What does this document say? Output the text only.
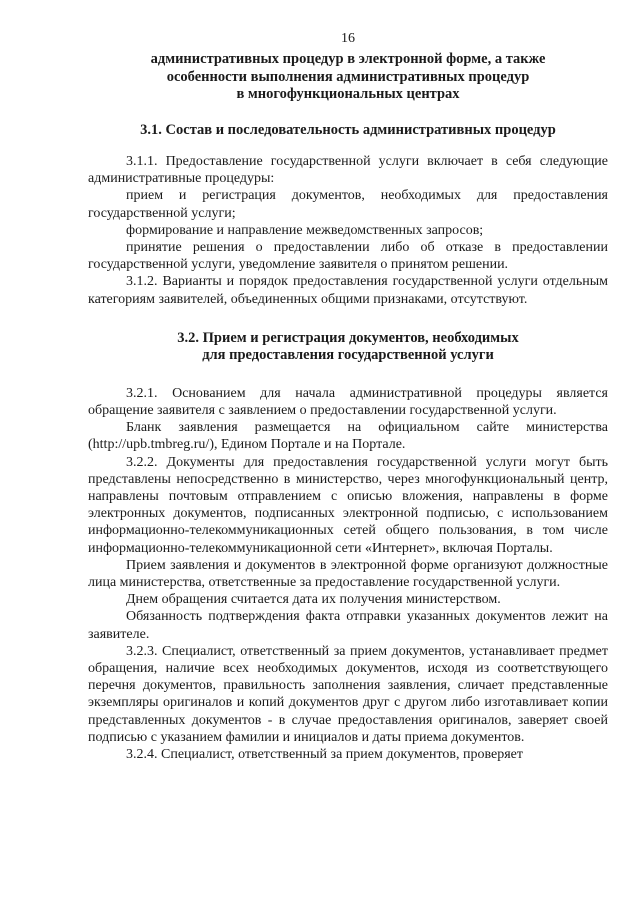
16

административных процедур в электронной форме, а также

особенности выполнения административных процедур

в многофункциональных центрах

3.1. Состав и последовательность административных процедур

3.1.1. Предоставление государственной услуги включает в себя следующие административные процедуры:

прием и регистрация документов, необходимых для предоставления государственной услуги;

формирование и направление межведомственных запросов;

принятие решения о предоставлении либо об отказе в предоставлении государственной услуги, уведомление заявителя о принятом решении.

3.1.2. Варианты и порядок предоставления государственной услуги отдельным категориям заявителей, объединенных общими признаками, отсутствуют.

3.2. Прием и регистрация документов, необходимых
для предоставления государственной услуги

3.2.1. Основанием для начала административной процедуры является обращение заявителя с заявлением о предоставлении государственной услуги.

Бланк заявления размещается на официальном сайте министерства (http://upb.tmbreg.ru/), Едином Портале и на Портале.

3.2.2. Документы для предоставления государственной услуги могут быть представлены непосредственно в министерство, через многофункциональный центр, направлены почтовым отправлением с описью вложения, направлены в форме электронных документов, подписанных электронной подписью, с использованием информационно-телекоммуникационных сетей общего пользования, в том числе информационно-телекоммуникационной сети «Интернет», включая Порталы.

Прием заявления и документов в электронной форме организуют должностные лица министерства, ответственные за предоставление государственной услуги.

Днем обращения считается дата их получения министерством.

Обязанность подтверждения факта отправки указанных документов лежит на заявителе.

3.2.3. Специалист, ответственный за прием документов, устанавливает предмет обращения, наличие всех необходимых документов, исходя из соответствующего перечня документов, правильность заполнения заявления, сличает представленные экземпляры оригиналов и копий документов друг с другом либо изготавливает копии представленных документов - в случае предоставления оригиналов, заверяет своей подписью с указанием фамилии и инициалов и даты приема документов.

3.2.4. Специалист, ответственный за прием документов, проверяет
